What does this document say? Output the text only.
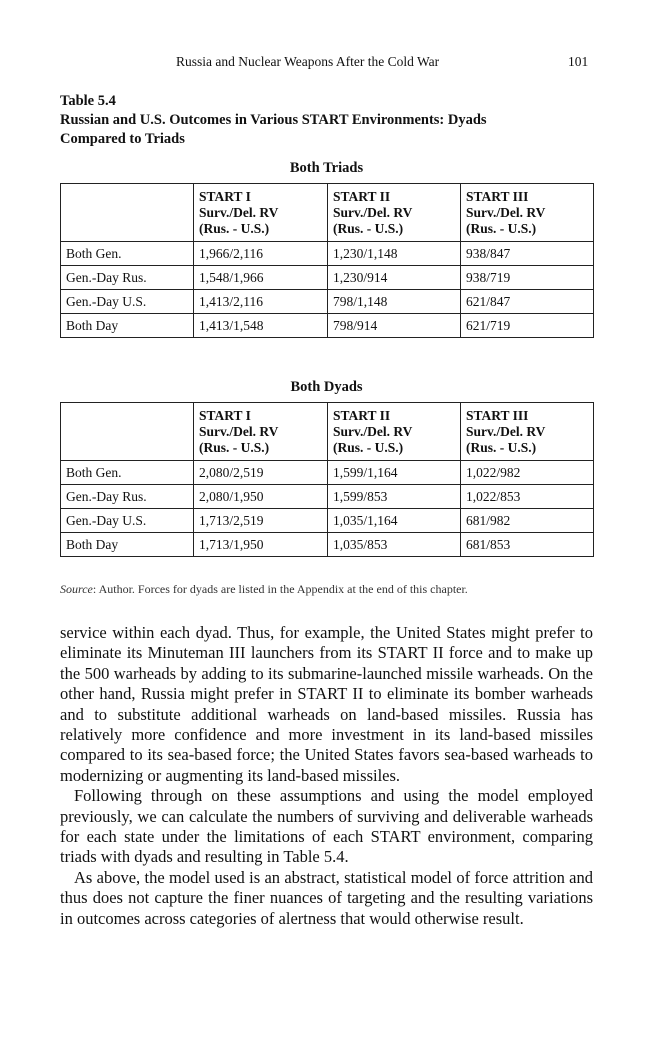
Russia and Nuclear Weapons After the Cold War	101
Table 5.4
Russian and U.S. Outcomes in Various START Environments: Dyads
Compared to Triads
Both Triads

	START I
Surv./Del. RV
(Rus. - U.S.)	START II
Surv./Del. RV
(Rus. - U.S.)	START III
Surv./Del. RV
(Rus. - U.S.)

Both Gen.	1,966/2,116	1,230/1,148	938/847
Gen.-Day Rus.	1,548/1,966	1,230/914	938/719
Gen.-Day U.S.	1,413/2,116	798/1,148	621/847
Both Day	1,413/1,548	798/914	621/719
Both Dyads

	START I
Surv./Del. RV
(Rus. - U.S.)	START II
Surv./Del. RV
(Rus. - U.S.)	START III
Surv./Del. RV
(Rus. - U.S.)

Both Gen.	2,080/2,519	1,599/1,164	1,022/982
Gen.-Day Rus.	2,080/1,950	1,599/853	1,022/853
Gen.-Day U.S.	1,713/2,519	1,035/1,164	681/982
Both Day	1,713/1,950	1,035/853	681/853
Source: Author. Forces for dyads are listed in the Appendix at the end of this chapter.

service within each dyad. Thus, for example, the United States might prefer to eliminate its Minuteman III launchers from its START II force and to make up the 500 warheads by adding to its submarine-launched missile warheads. On the other hand, Russia might prefer in START II to eliminate its bomber warheads and to substitute additional warheads on land-based missiles. Russia has relatively more confidence and more investment in its land-based missiles compared to its sea-based force; the United States favors sea-based warheads to modernizing or augmenting its land-based missiles.

Following through on these assumptions and using the model employed previously, we can calculate the numbers of surviving and deliverable warheads for each state under the limitations of each START environment, comparing triads with dyads and resulting in Table 5.4.

As above, the model used is an abstract, statistical model of force attrition and thus does not capture the finer nuances of targeting and the resulting variations in outcomes across categories of alertness that would otherwise result.
